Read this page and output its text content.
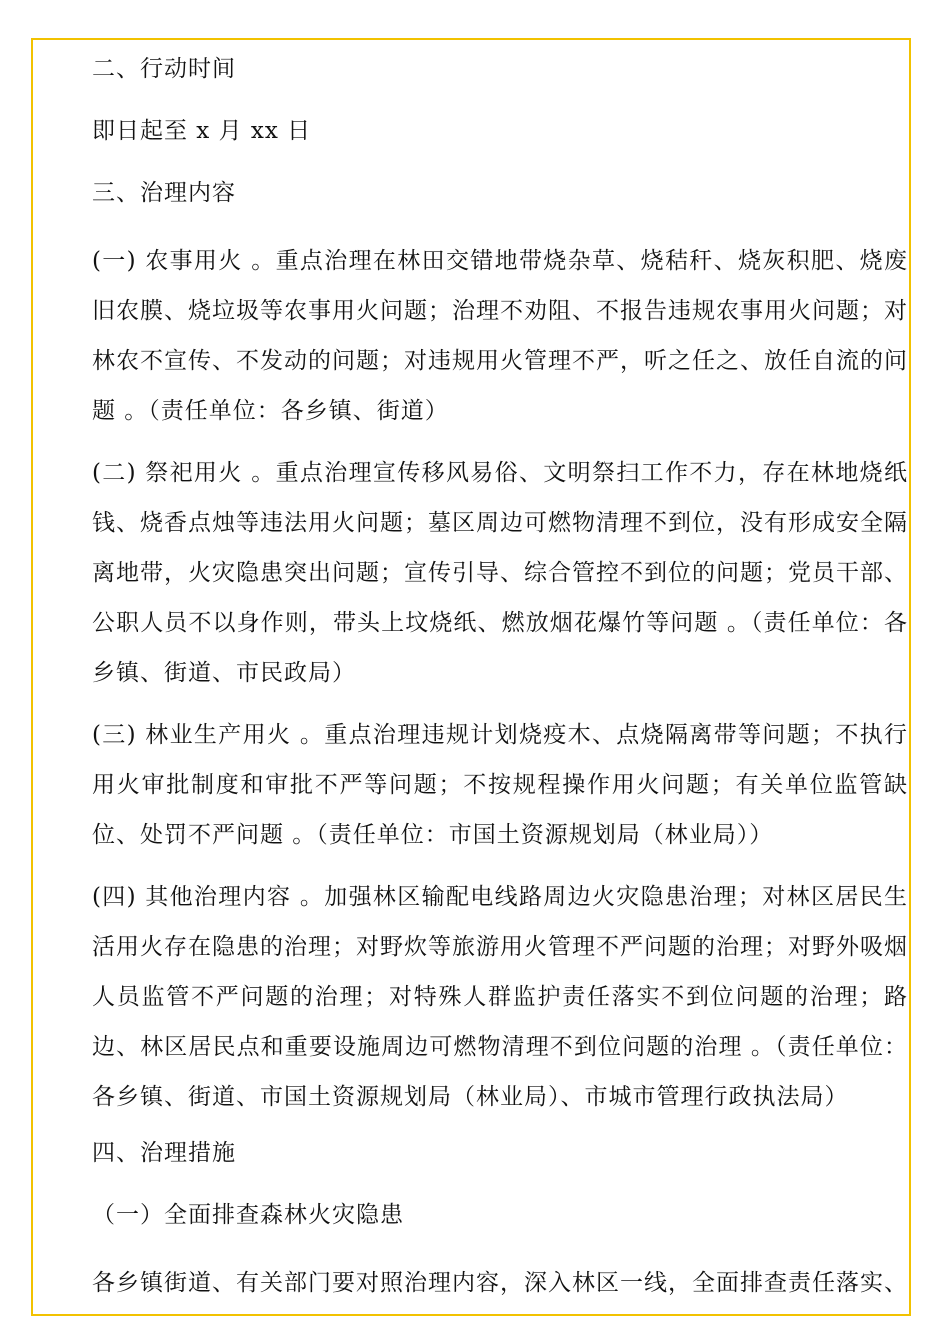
二、行动时间

即日起至 x 月 xx 日

三、治理内容

(一) 农事用火 。重点治理在林田交错地带烧杂草、烧秸秆、烧灰积肥、烧废旧农膜、烧垃圾等农事用火问题；治理不劝阻、不报告违规农事用火问题；对林农不宣传、不发动的问题；对违规用火管理不严，听之任之、放任自流的问题 。（责任单位：各乡镇、街道）

(二) 祭祀用火 。重点治理宣传移风易俗、文明祭扫工作不力，存在林地烧纸钱、烧香点烛等违法用火问题；墓区周边可燃物清理不到位，没有形成安全隔离地带，火灾隐患突出问题；宣传引导、综合管控不到位的问题；党员干部、公职人员不以身作则，带头上坟烧纸、燃放烟花爆竹等问题 。（责任单位：各乡镇、街道、市民政局）

(三) 林业生产用火 。重点治理违规计划烧疫木、点烧隔离带等问题；不执行用火审批制度和审批不严等问题；不按规程操作用火问题；有关单位监管缺位、处罚不严问题 。（责任单位：市国土资源规划局（林业局））

(四) 其他治理内容 。加强林区输配电线路周边火灾隐患治理；对林区居民生活用火存在隐患的治理；对野炊等旅游用火管理不严问题的治理；对野外吸烟人员监管不严问题的治理；对特殊人群监护责任落实不到位问题的治理；路边、林区居民点和重要设施周边可燃物清理不到位问题的治理 。（责任单位：各乡镇、街道、市国土资源规划局（林业局）、市城市管理行政执法局）

四、治理措施

（一）全面排查森林火灾隐患

各乡镇街道、有关部门要对照治理内容，深入林区一线，全面排查责任落实、
